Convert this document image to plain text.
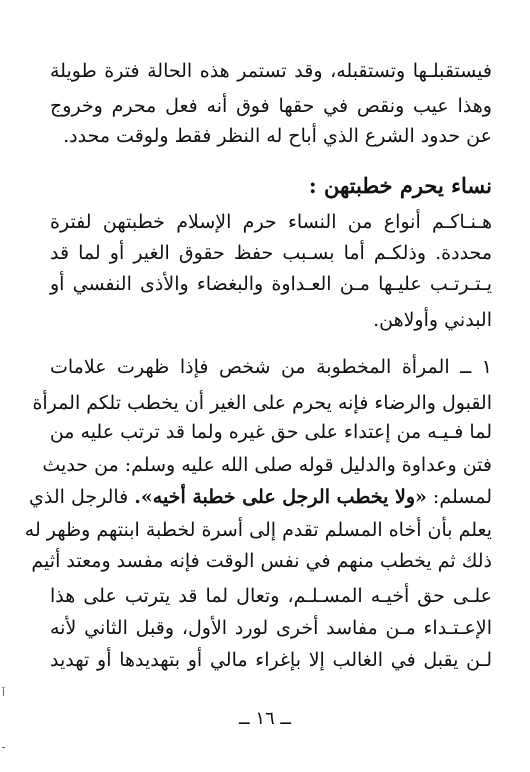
فيستقبلـها وتستقبله، وقد تستمر هذه الحالة فترة طويلة
وهذا عيب ونقص في حقها فوق أنه فعل محرم وخروج
عن حدود الشرع الذي أباح له النظر فقط ولوقت محدد.
نساء يحرم خطبتهن :
هـنـاكـم أنواع من النساء حرم الإسلام خطبتهن لفترة
محددة. وذلكـم أما بسـبب حفظ حقوق الغير أو لما قد
يـتـرتـب عليـها مـن العـداوة والبغضاء والأذى النفسي أو
البدني وأولاهن.
١ ــ المرأة المخطوبة من شخص فإذا ظهرت علامات
القبول والرضاء فإنه يحرم على الغير أن يخطب تلكم المرأة
لما فـيـه من إعتداء على حق غيره ولما قد ترتب عليه من
فتن وعداوة والدليل قوله صلى الله عليه وسلم: من حديث
لمسلم: «ولا يخطب الرجل على خطبة أخيه». فالرجل الذي
يعلم بأن أخاه المسلم تقدم إلى أسرة لخطبة ابنتهم وظهر له
ذلك ثم يخطب منهم في نفس الوقت فإنه مفسد ومعتد أثيم
علـى حق أخيـه المسـلـم، وتعال لما قد يترتب على هذا
الإعـتـداء مـن مفاسد أخرى لورد الأول، وقبل الثاني لأنه
لـن يقبل في الغالب إلا بإغراء مالي أو بتهديدها أو تهديد
ــ ١٦ ــ
آ
ـ
